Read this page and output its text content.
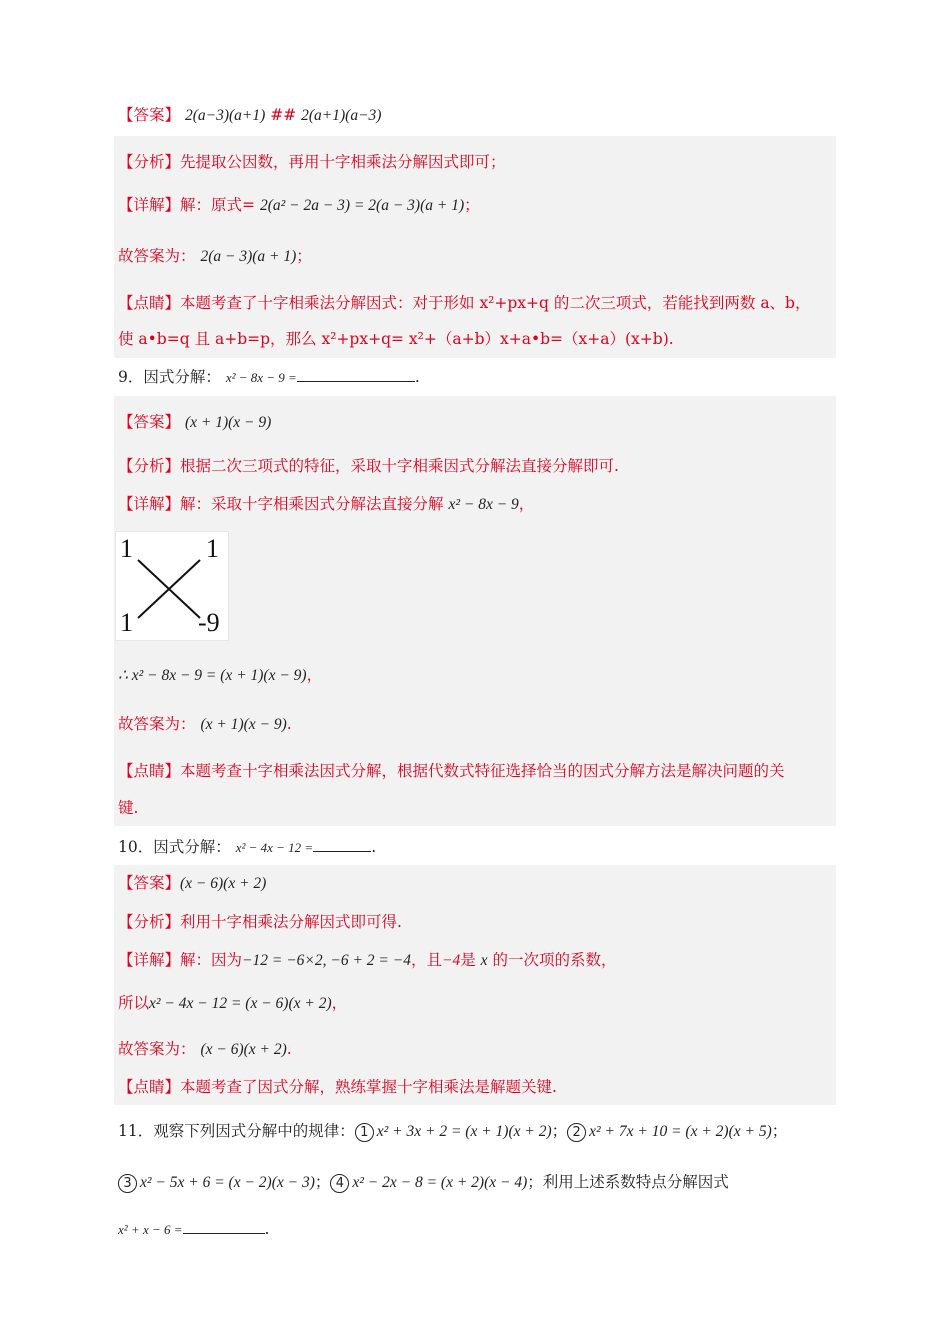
【答案】 2(a−3)(a+1) ## 2(a+1)(a−3)
【分析】先提取公因数，再用十字相乘法分解因式即可；
【详解】解：原式= 2(a² − 2a − 3) = 2(a − 3)(a + 1)；
故答案为： 2(a − 3)(a + 1)；
【点睛】本题考查了十字相乘法分解因式：对于形如 x²+px+q 的二次三项式，若能找到两数 a、b，
使 a•b=q 且 a+b=p，那么 x²+px+q= x²+（a+b）x+a•b=（x+a）(x+b).
9．因式分解： x² − 8x − 9 =	.
【答案】 (x + 1)(x − 9)
【分析】根据二次三项式的特征，采取十字相乘因式分解法直接分解即可.
【详解】解：采取十字相乘因式分解法直接分解 x² − 8x − 9，
1	1
1	-9
∴ x² − 8x − 9 = (x + 1)(x − 9)，
故答案为： (x + 1)(x − 9).
【点睛】本题考查十字相乘法因式分解，根据代数式特征选择恰当的因式分解方法是解决问题的关
键.
10．因式分解： x² − 4x − 12 =	.
【答案】(x − 6)(x + 2)
【分析】利用十字相乘法分解因式即可得.
【详解】解：因为−12 = −6×2, −6 + 2 = −4，且−4是 x 的一次项的系数，
所以x² − 4x − 12 = (x − 6)(x + 2)，
故答案为： (x − 6)(x + 2).
【点睛】本题考查了因式分解，熟练掌握十字相乘法是解题关键.
11．观察下列因式分解中的规律： 1 x² + 3x + 2 = (x + 1)(x + 2)； 2 x² + 7x + 10 = (x + 2)(x + 5)；
3 x² − 5x + 6 = (x − 2)(x − 3)； 4 x² − 2x − 8 = (x + 2)(x − 4)；利用上述系数特点分解因式
x² + x − 6 =	.
